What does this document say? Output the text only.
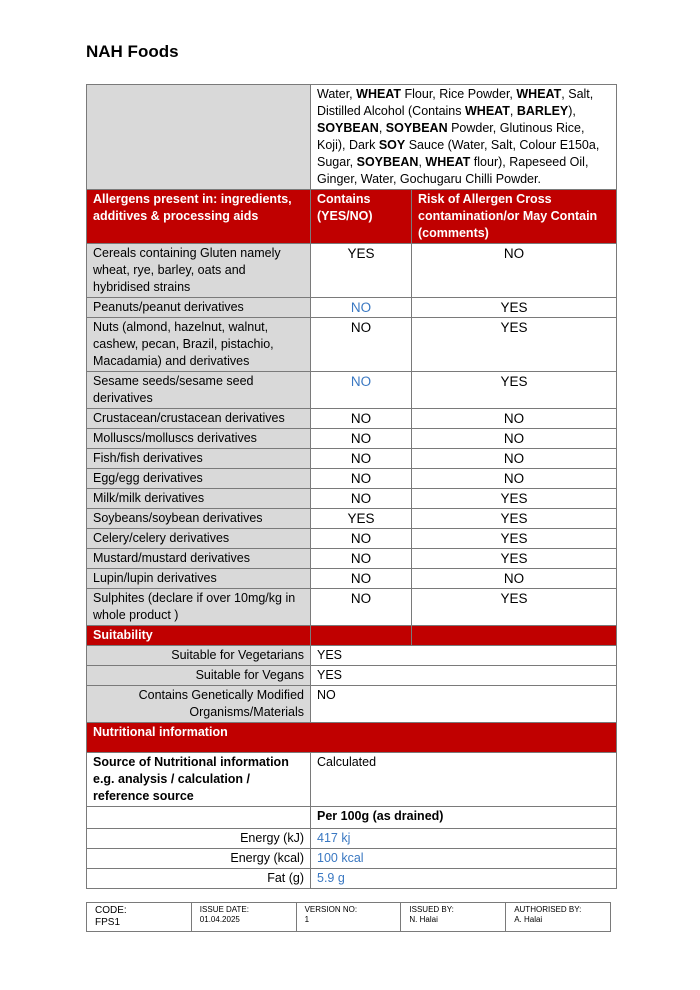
NAH Foods
	Water, WHEAT Flour, Rice Powder, WHEAT, Salt, Distilled Alcohol (Contains WHEAT, BARLEY), SOYBEAN, SOYBEAN Powder, Glutinous Rice, Koji), Dark SOY Sauce (Water, Salt, Colour E150a, Sugar, SOYBEAN, WHEAT flour), Rapeseed Oil, Ginger, Water, Gochugaru Chilli Powder.	
Allergens present in: ingredients, additives & processing aids	Contains (YES/NO)	Risk of Allergen Cross contamination/or May Contain (comments)
Cereals containing Gluten namely wheat, rye, barley, oats and hybridised strains	YES	NO
Peanuts/peanut derivatives	NO	YES
Nuts (almond, hazelnut, walnut, cashew, pecan, Brazil, pistachio, Macadamia) and derivatives	NO	YES
Sesame seeds/sesame seed derivatives	NO	YES
Crustacean/crustacean derivatives	NO	NO
Molluscs/molluscs derivatives	NO	NO
Fish/fish derivatives	NO	NO
Egg/egg derivatives	NO	NO
Milk/milk derivatives	NO	YES
Soybeans/soybean derivatives	YES	YES
Celery/celery derivatives	NO	YES
Mustard/mustard derivatives	NO	YES
Lupin/lupin derivatives	NO	NO
Sulphites (declare if over 10mg/kg in whole product )	NO	YES
Suitability		
Suitable for Vegetarians	YES	
Suitable for Vegans	YES	
Contains Genetically Modified Organisms/Materials	NO	
Nutritional information		
Source of Nutritional information e.g. analysis / calculation / reference source	Calculated	
	Per 100g (as drained)	
Energy (kJ)	417 kj	
Energy (kcal)	100 kcal	
Fat (g)	5.9 g	
CODE:
FPS1

ISSUE DATE:
01.04.2025

VERSION NO:
1

ISSUED BY:
N. Halai

AUTHORISED BY:
A. Halai
